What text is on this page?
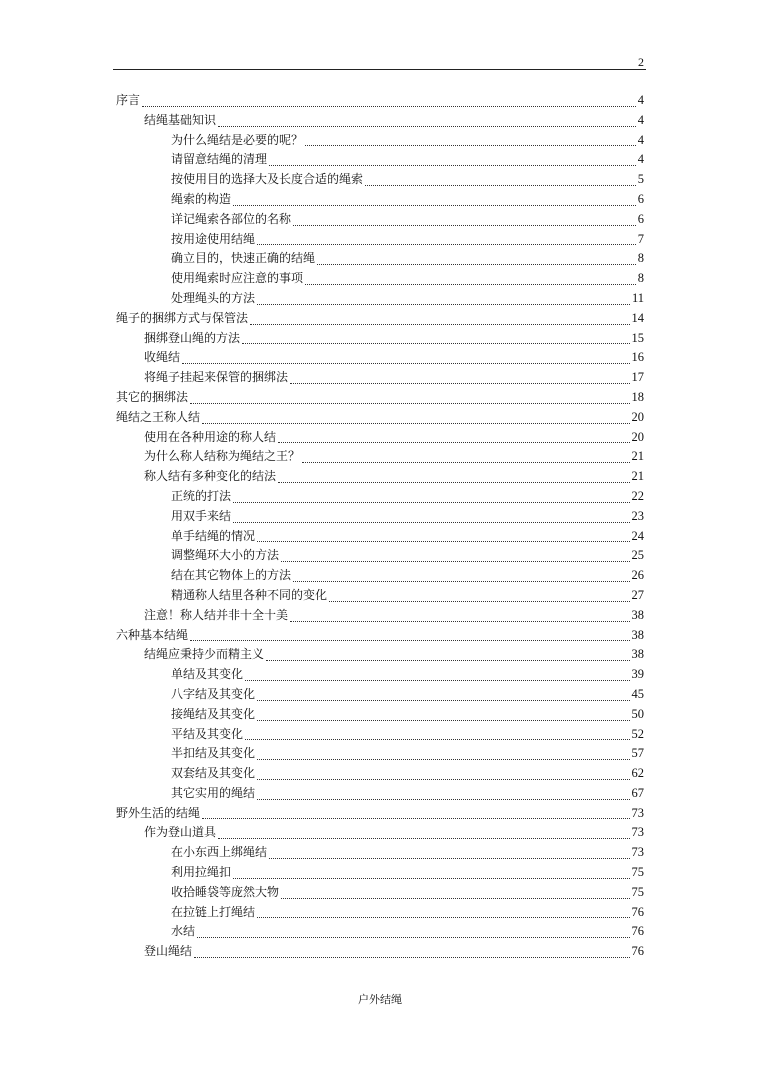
2
序言	4
结绳基础知识	4
为什么绳结是必要的呢？	4
请留意结绳的清理	4
按使用目的选择大及长度合适的绳索	5
绳索的构造	6
详记绳索各部位的名称	6
按用途使用结绳	7
确立目的，快速正确的结绳	8
使用绳索时应注意的事项	8
处理绳头的方法	11
绳子的捆绑方式与保管法	14
捆绑登山绳的方法	15
收绳结	16
将绳子挂起来保管的捆绑法	17
其它的捆绑法	18
绳结之王称人结	20
使用在各种用途的称人结	20
为什么称人结称为绳结之王？	21
称人结有多种变化的结法	21
正统的打法	22
用双手来结	23
单手结绳的情况	24
调整绳环大小的方法	25
结在其它物体上的方法	26
精通称人结里各种不同的变化	27
注意！称人结并非十全十美	38
六种基本结绳	38
结绳应秉持少而精主义	38
单结及其变化	39
八字结及其变化	45
接绳结及其变化	50
平结及其变化	52
半扣结及其变化	57
双套结及其变化	62
其它实用的绳结	67
野外生活的结绳	73
作为登山道具	73
在小东西上绑绳结	73
利用拉绳扣	75
收拾睡袋等庞然大物	75
在拉链上打绳结	76
水结	76
登山绳结	76
户外结绳
